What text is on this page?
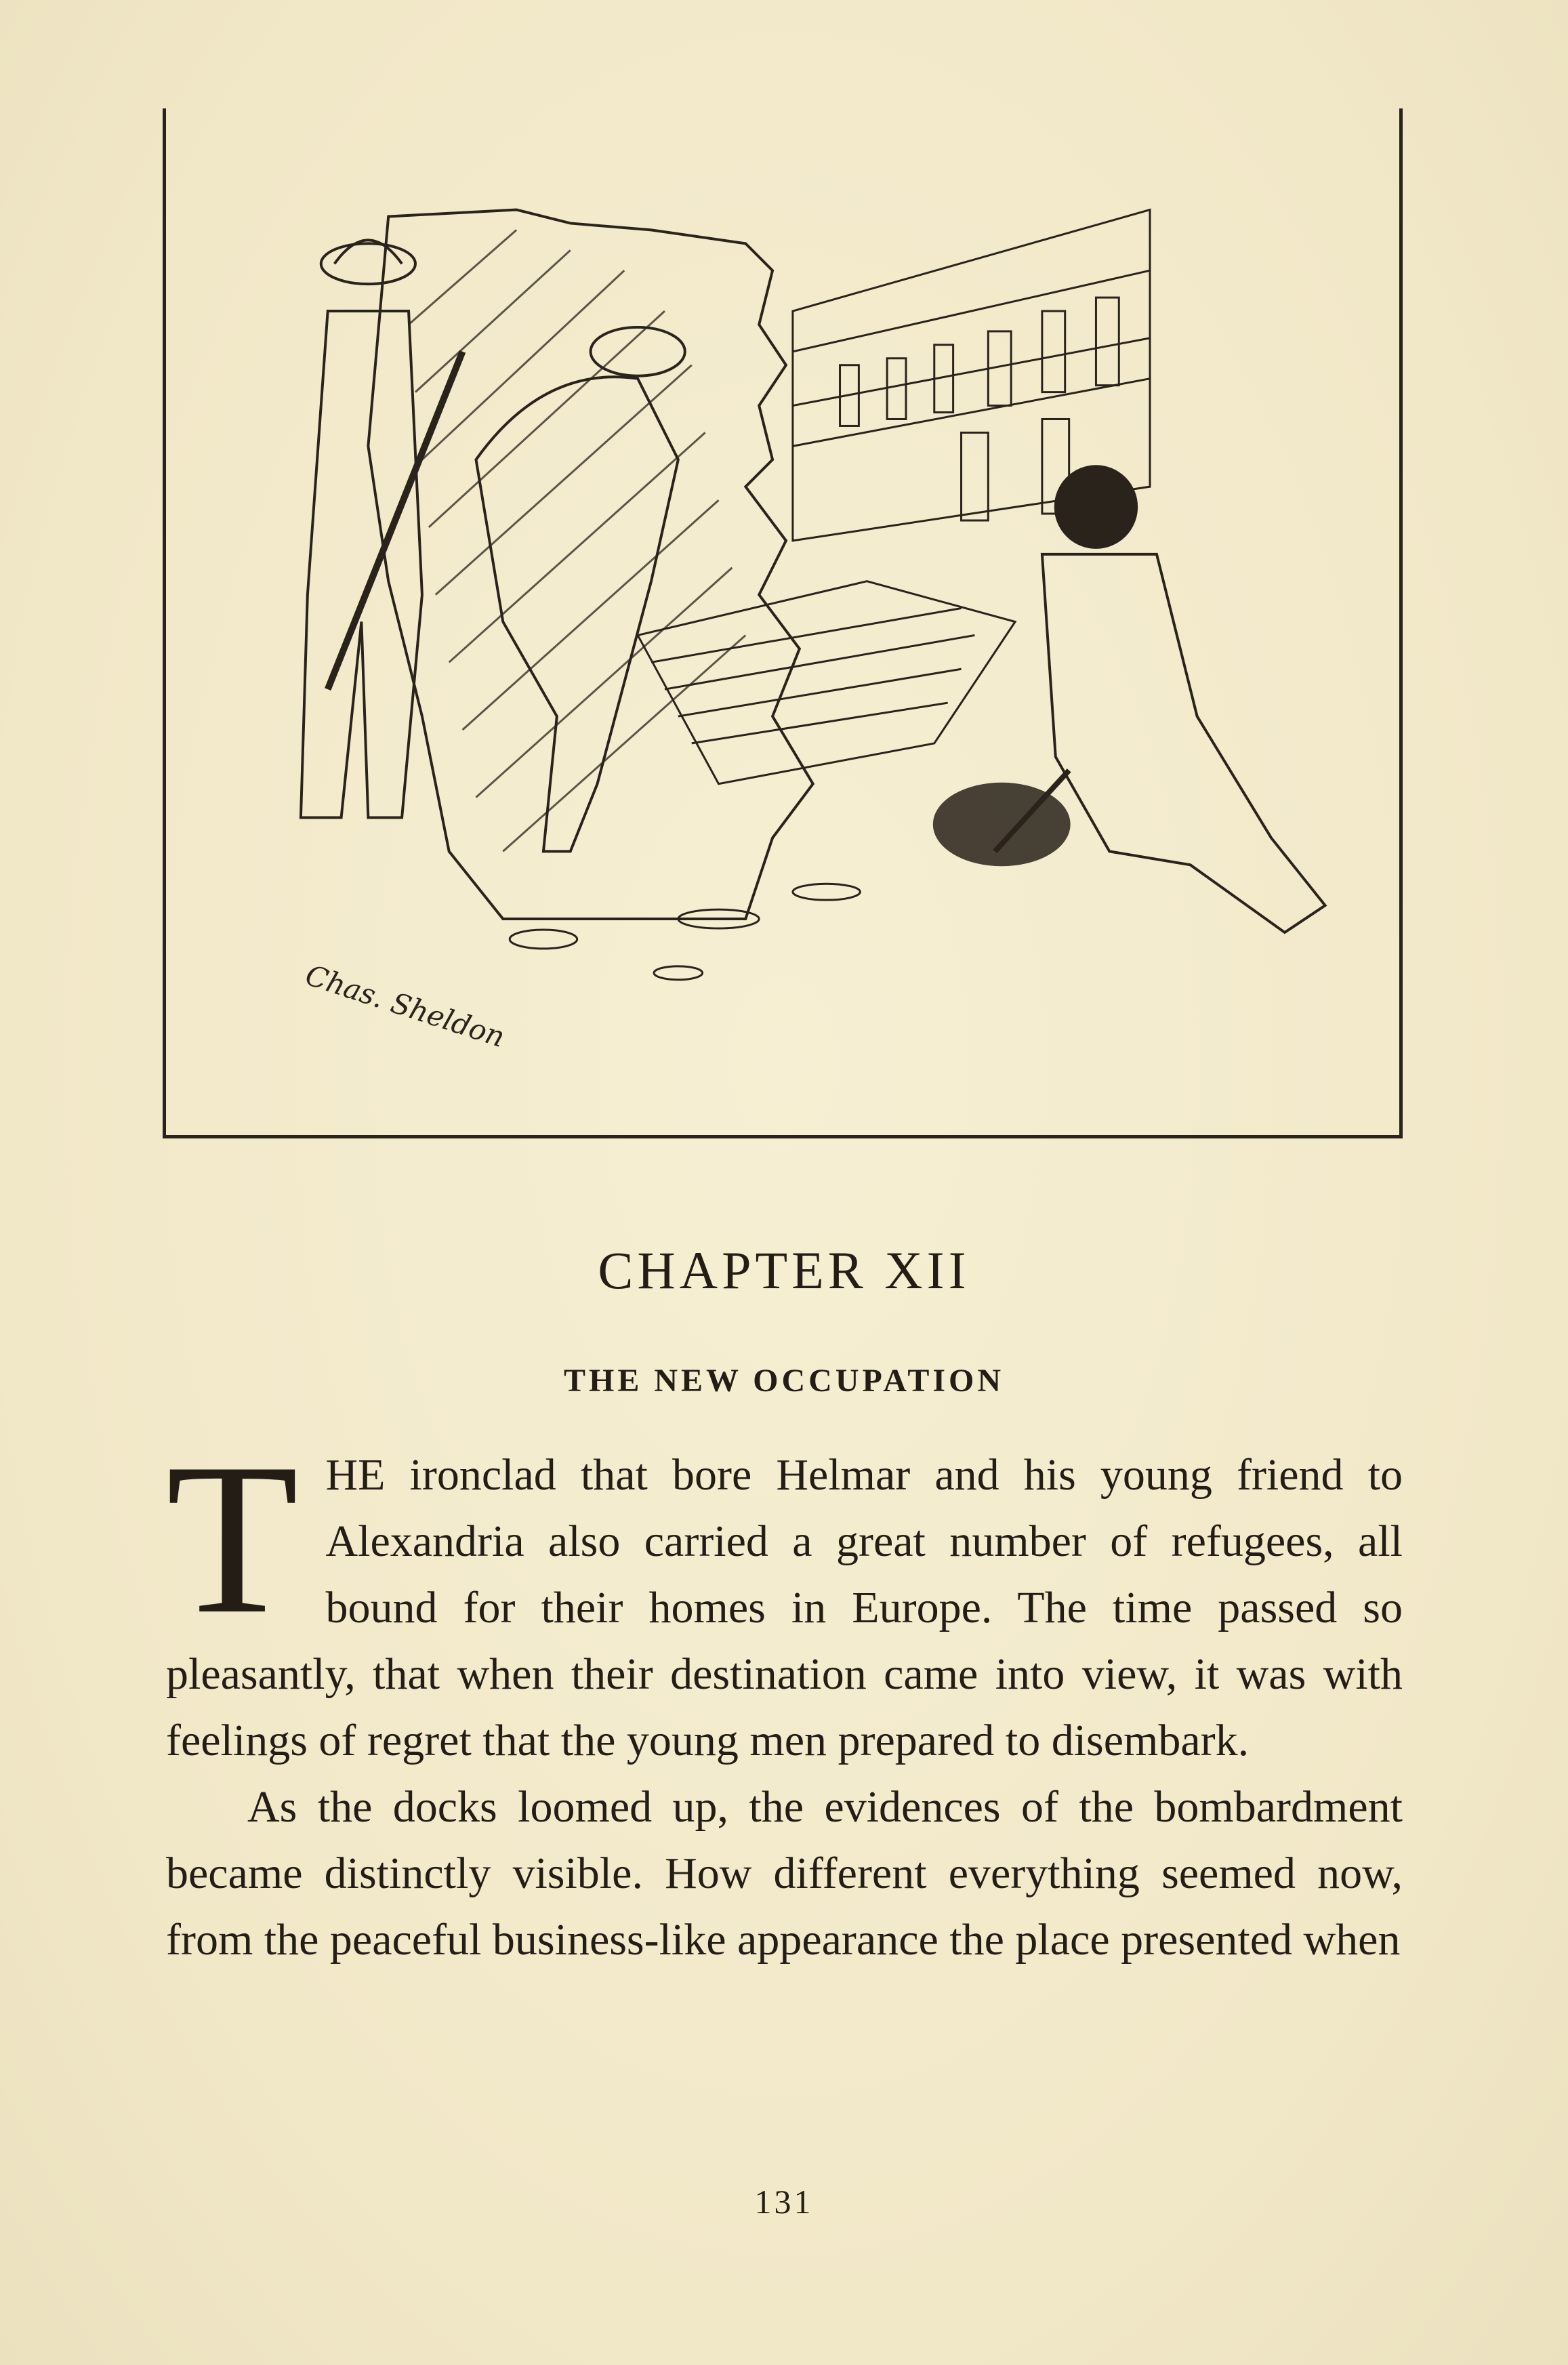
Chas. Sheldon
CHAPTER XII
THE NEW OCCUPATION

T HE ironclad that bore Helmar and his young friend to Alexandria also carried a great number of refugees, all bound for their homes in Europe. The time passed so pleasantly, that when their destination came into view, it was with feelings of regret that the young men prepared to disembark.

As the docks loomed up, the evidences of the bombardment became distinctly visible. How different everything seemed now, from the peaceful business-like appearance the place presented when

131
